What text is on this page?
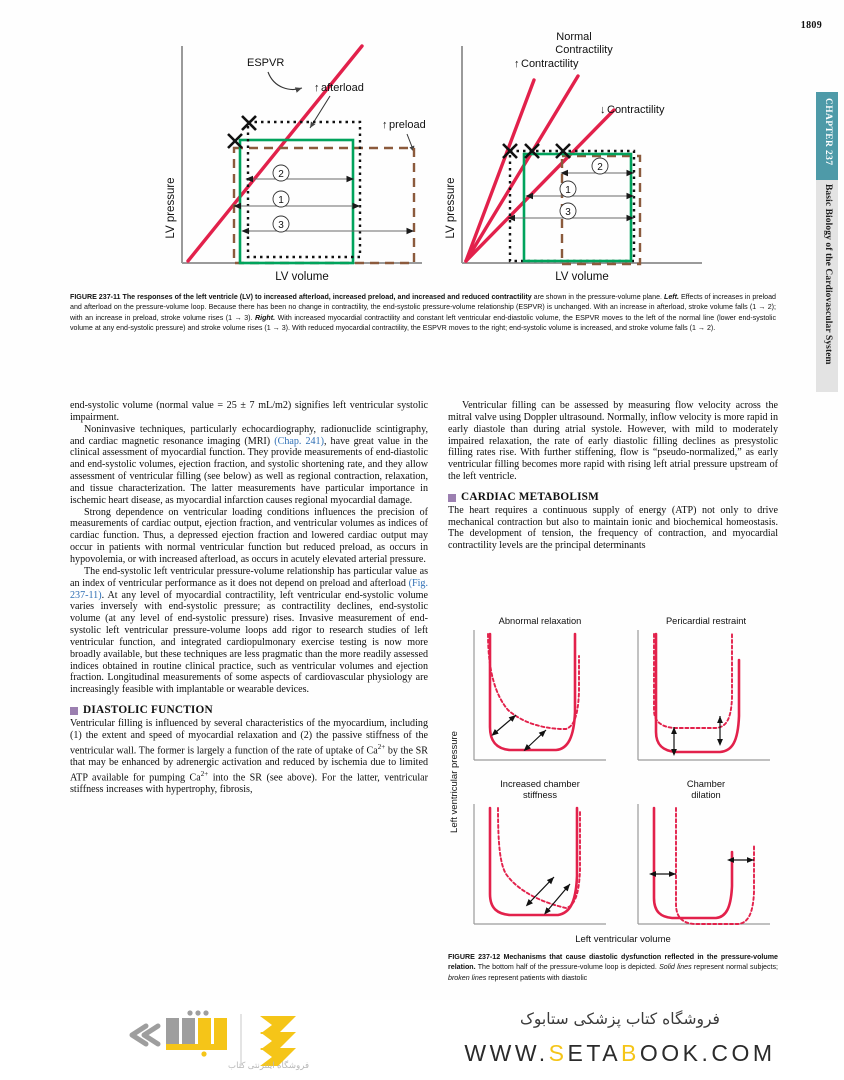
1809
CHAPTER 237
Basic Biology of the Cardiovascular System
LV pressure
LV volume
ESPVR
↑ afterload
↑ preload
2
1
3	LV pressure
LV volume
Normal
Contractility
↑ Contractility
↓ Contractility
2
1
3
FIGURE 237-11 The responses of the left ventricle (LV) to increased afterload, increased preload, and increased and reduced contractility are shown in the pressure-volume plane. Left. Effects of increases in preload and afterload on the pressure-volume loop. Because there has been no change in contractility, the end-systolic pressure-volume relationship (ESPVR) is unchanged. With an increase in afterload, stroke volume falls (1 → 2); with an increase in preload, stroke volume rises (1 → 3). Right. With increased myocardial contractility and constant left ventricular end-diastolic volume, the ESPVR moves to the left of the normal line (lower end-systolic volume at any end-systolic pressure) and stroke volume rises (1 → 3). With reduced myocardial contractility, the ESPVR moves to the right; end-systolic volume is increased, and stroke volume falls (1 → 2).

end-systolic volume (normal value = 25 ± 7 mL/m2) signifies left ventricular systolic impairment.

Noninvasive techniques, particularly echocardiography, radionuclide scintigraphy, and cardiac magnetic resonance imaging (MRI) (Chap. 241), have great value in the clinical assessment of myocardial function. They provide measurements of end-diastolic and end-systolic volumes, ejection fraction, and systolic shortening rate, and they allow assessment of ventricular filling (see below) as well as regional contraction, relaxation, and tissue characterization. The latter measurements have particular importance in ischemic heart disease, as myocardial infarction causes regional myocardial damage.

Strong dependence on ventricular loading conditions influences the precision of measurements of cardiac output, ejection fraction, and ventricular volumes as indices of cardiac function. Thus, a depressed ejection fraction and lowered cardiac output may occur in patients with normal ventricular function but reduced preload, as occurs in hypovolemia, or with increased afterload, as occurs in acutely elevated arterial pressure.

The end-systolic left ventricular pressure-volume relationship has particular value as an index of ventricular performance as it does not depend on preload and afterload (Fig. 237-11). At any level of myocardial contractility, left ventricular end-systolic volume varies inversely with end-systolic pressure; as contractility declines, end-systolic volume (at any level of end-systolic pressure) rises. Invasive measurement of end-systolic left ventricular pressure-volume loops add rigor to research studies of left ventricular function, and integrated cardiopulmonary exercise testing is now more broadly available, but these techniques are less pragmatic than the more readily assessed indices obtained in routine clinical practice, such as ventricular volumes and ejection fraction. Longitudinal measurements of some aspects of cardiovascular physiology are increasingly feasible with implantable or wearable devices.

DIASTOLIC FUNCTION

Ventricular filling is influenced by several characteristics of the myocardium, including (1) the extent and speed of myocardial relaxation and (2) the passive stiffness of the ventricular wall. The former is largely a function of the rate of uptake of $Ca^{2+}$ by the SR that may be enhanced by adrenergic activation and reduced by ischemia due to limited ATP available for pumping $Ca^{2+}$ into the SR (see above). For the latter, ventricular stiffness increases with hypertrophy, fibrosis,

Ventricular filling can be assessed by measuring flow velocity across the mitral valve using Doppler ultrasound. Normally, inflow velocity is more rapid in early diastole than during atrial systole. However, with mild to moderately impaired relaxation, the rate of early diastolic filling declines as presystolic filling rates rise. With further stiffening, flow is “pseudo-normalized,” as early ventricular filling becomes more rapid with rising left atrial pressure upstream of the left ventricle.

CARDIAC METABOLISM

The heart requires a continuous supply of energy (ATP) not only to drive mechanical contraction but also to maintain ionic and biochemical homeostasis. The development of tension, the frequency of contraction, and myocardial contractility levels are the principal determinants

Left ventricular pressure
Left ventricular volume
Abnormal relaxation	Pericardial restraint
Increased chamber
stiffness
Chamber
dilation
FIGURE 237-12 Mechanisms that cause diastolic dysfunction reflected in the pressure-volume relation. The bottom half of the pressure-volume loop is depicted. Solid lines represent normal subjects; broken lines represent patients with diastolic
فروشگاه اینترنتی کتاب
فروشگاه کتاب پزشکی ستابوک
WWW.SETABOOK.COM
